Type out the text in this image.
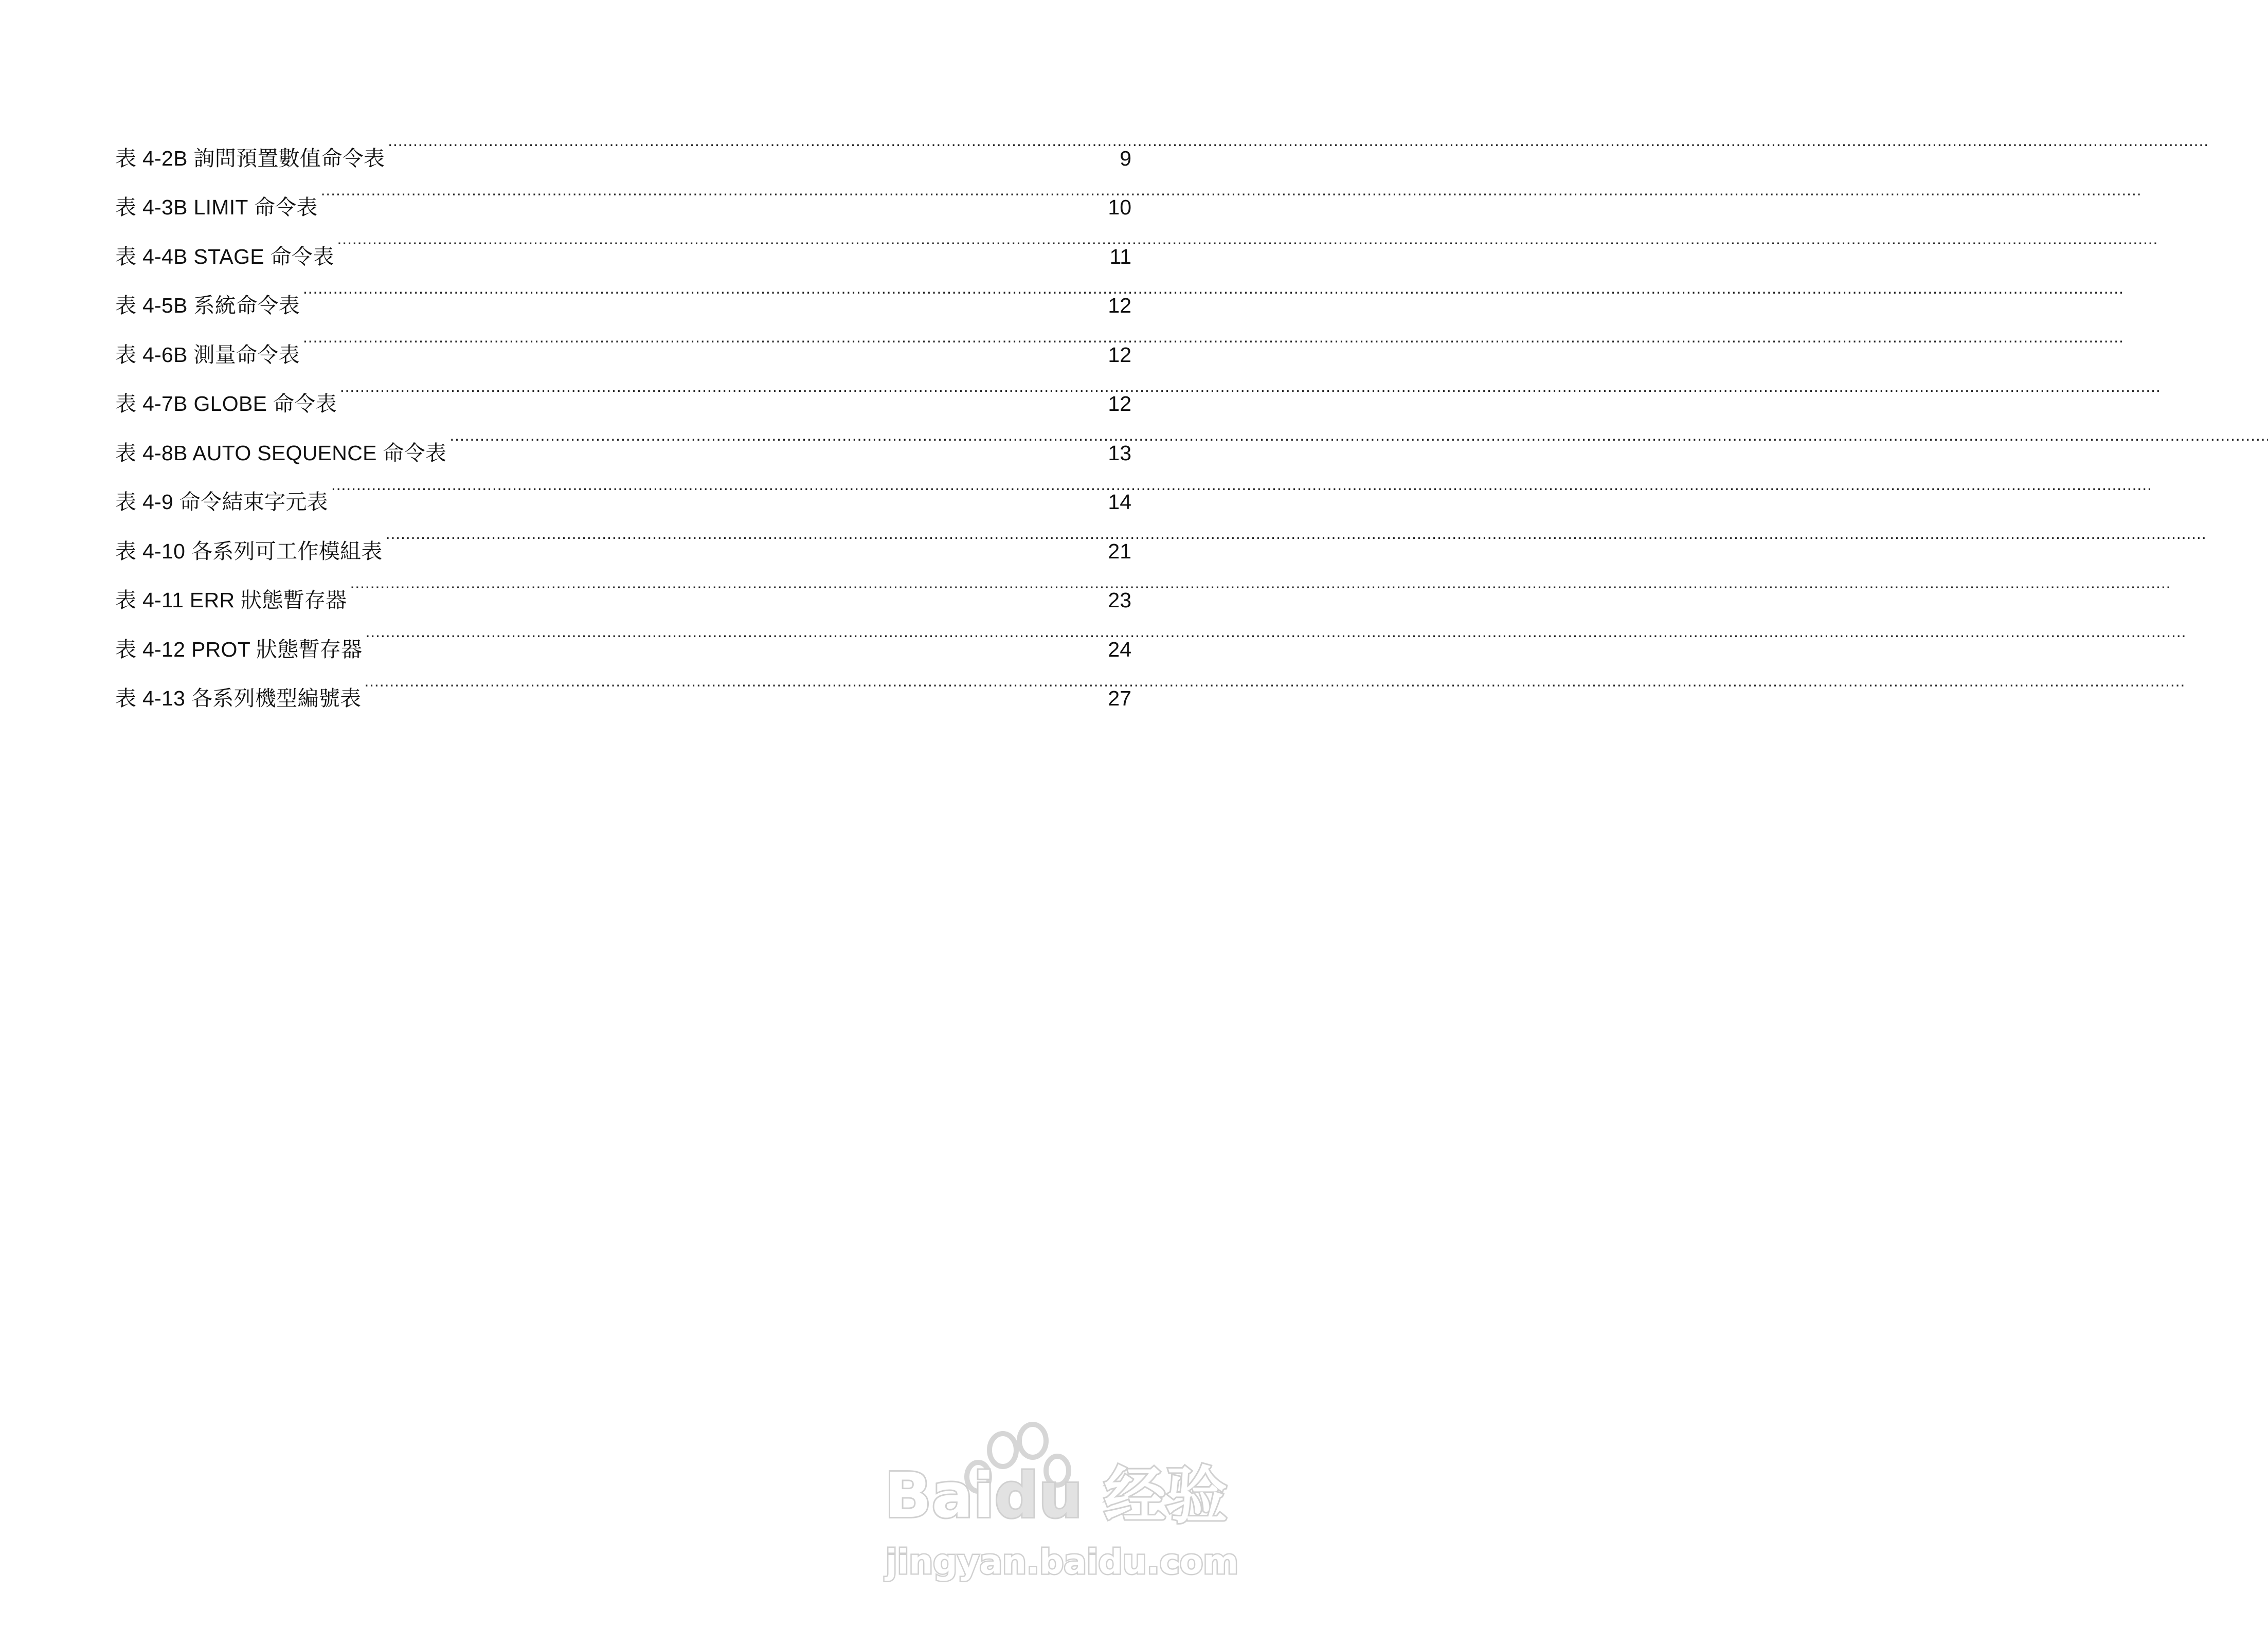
表 4-2B 詢問預置數值命令表 . . .	9
表 4-3B LIMIT 命令表 . . .	10
表 4-4B STAGE 命令表 . . .	11
表 4-5B 系統命令表 . . .	12
表 4-6B 測量命令表 . . .	12
表 4-7B GLOBE 命令表 . . .	12
表 4-8B AUTO SEQUENCE 命令表 . . .	13
表 4-9 命令結束字元表 . . .	14
表 4-10 各系列可工作模組表 . . .	21
表 4-11 ERR 狀態暫存器 . . .	23
表 4-12 PROT 狀態暫存器 . . .	24
表 4-13 各系列機型編號表 . . .	27
Baidu 经验
jingyan.baidu.com
